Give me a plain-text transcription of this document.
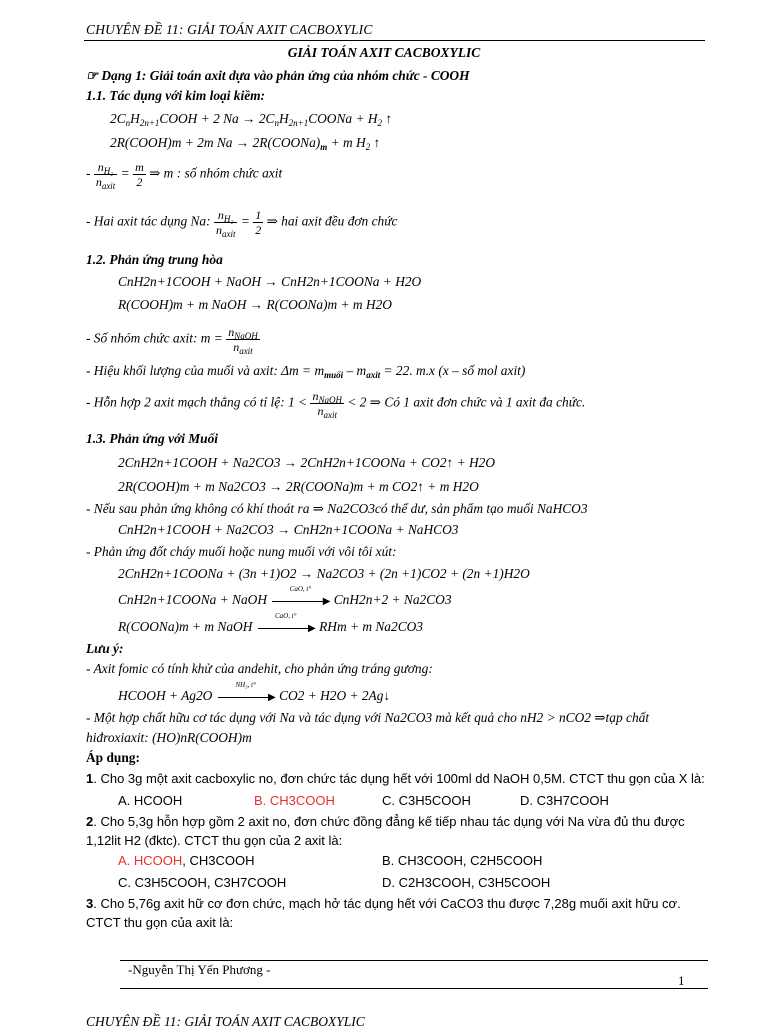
CHUYÊN ĐỀ 11: GIẢI TOÁN AXIT CACBOXYLIC
GIẢI TOÁN AXIT CACBOXYLIC
☞ Dạng 1: Giải toán axit dựa vào phản ứng của nhóm chức - COOH
1.1. Tác dụng với kim loại kiềm:
$2C_nH_{2n+1}COOH + 2$ $Na \to 2C_nH_{2n+1}COONa + H_2$ ↑
2R(COOH)m + 2m $Na \to 2R(COONa)_m + m$ $H_2$ ↑
- $\frac{n_{H_2}}{n_{axit}} = \frac{m}{2}$ ⇒ m : số nhóm chức axit
- Hai axit tác dụng Na: $\frac{n_{H_2}}{n_{axit}} = \frac{1}{2}$ ⇒ hai axit đều đơn chức
1.2. Phản ứng trung hòa
CnH2n+1COOH + NaOH → CnH2n+1COONa + H2O
R(COOH)m + m NaOH → R(COONa)m + m H2O
- Số nhóm chức axit: $m = \frac{n_{NaOH}}{n_{axit}}$
- Hiệu khối lượng của muối và axit: $\Delta m = m_{muối} - m_{axit} = 22$. m.x (x – số mol axit)
- Hỗn hợp 2 axit mạch thẳng có tỉ lệ: $1 < \frac{n_{NaOH}}{n_{axit}} < 2$ ⇒ Có 1 axit đơn chức và 1 axit đa chức.
1.3. Phản ứng với Muối
2CnH2n+1COOH + Na2CO3 → 2CnH2n+1COONa + CO2↑ + H2O
2R(COOH)m + m Na2CO3 → 2R(COONa)m + m CO2↑ + m H2O
- Nếu sau phản ứng không có khí thoát ra ⇒ Na2CO3có thể dư, sản phẩm tạo muối NaHCO3
CnH2n+1COOH + Na2CO3 → CnH2n+1COONa + NaHCO3
- Phản ứng đốt cháy muối hoặc nung muối với vôi tôi xút:
2CnH2n+1COONa + (3n +1)O2 → Na2CO3 + (2n +1)CO2 + (2n +1)H2O
CnH2n+1COONa + NaOH
CaO, t°
▶ CnH2n+2 + Na2CO3
R(COONa)m + m NaOH
CaO, t°
▶ RHm + m Na2CO3
Lưu ý:
- Axit fomic có tính khử của andehit, cho phản ứng tráng gương:
HCOOH + Ag2O
NH₃, t°
▶ CO2 + H2O + 2Ag↓
- Một hợp chất hữu cơ tác dụng với Na và tác dụng với Na2CO3 mà kết quả cho nH2 > nCO2 ⇒tạp chất
hiđroxiaxit: (HO)nR(COOH)m
Áp dụng:
1. Cho 3g một axit cacboxylic no, đơn chức tác dụng hết với 100ml dd NaOH 0,5M. CTCT thu gọn của X là:
A. HCOOH	B. CH3COOH	C. C3H5COOH	D. C3H7COOH
2. Cho 5,3g hỗn hợp gồm 2 axit no, đơn chức đồng đẳng kế tiếp nhau tác dụng với Na vừa đủ thu được
1,12lit H2 (đktc). CTCT thu gọn của 2 axit là:
A. HCOOH, CH3COOH	B. CH3COOH, C2H5COOH
C. C3H5COOH, C3H7COOH	D. C2H3COOH, C3H5COOH
3. Cho 5,76g axit hữ cơ đơn chức, mạch hở tác dụng hết với CaCO3 thu được 7,28g muối axit hữu cơ.
CTCT thu gọn của axit là:
-Nguyễn Thị Yến Phương -
1
CHUYÊN ĐỀ 11: GIẢI TOÁN AXIT CACBOXYLIC
